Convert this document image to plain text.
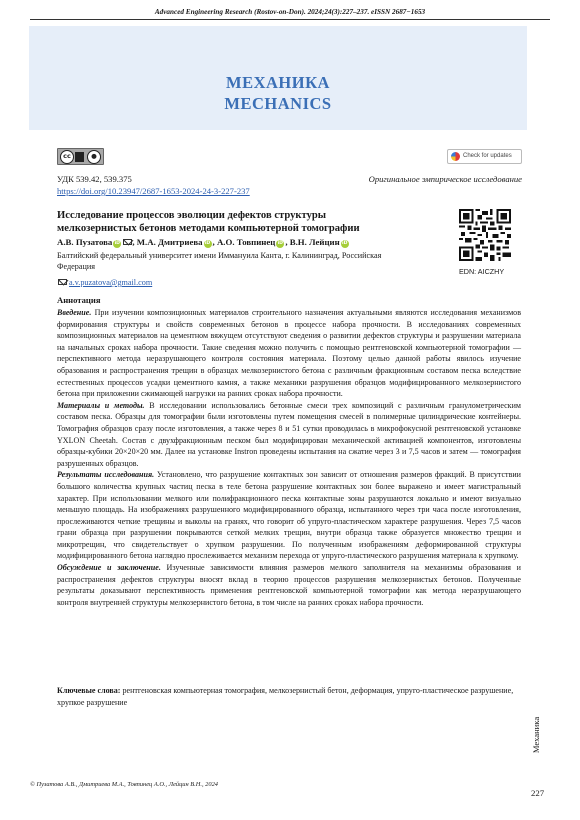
Advanced Engineering Research (Rostov-on-Don). 2024;24(3):227–237. eISSN 2687−1653
МЕХАНИКА
MECHANICS
cc	●	Check for updates
УДК 539.42, 539.375
https://doi.org/10.23947/2687-1653-2024-24-3-227-237
Оригинальное эмпирическое исследование
Исследование процессов эволюции дефектов структуры мелкозернистых бетонов методами компьютерной томографии
А.В. Пузатова iD , М.А. Дмитриева iD , А.О. Товпинец iD , В.Н. Лейцин iD
Балтийский федеральный университет имени Иммануила Канта, г. Калининград, Российская Федерация
a.v.puzatova@gmail.com
EDN: AICZHY
Аннотация

Введение. При изучении композиционных материалов строительного назначения актуальными являются исследования механизмов формирования структуры и свойств современных бетонов в процессе набора прочности. В исследованиях современных композиционных материалов на цементном вяжущем отсутствуют сведения о развитии дефектов структуры и разрушении материала на начальных сроках набора прочности. Такие сведения можно получить с помощью рентгеновской компьютерной томографии — перспективного метода неразрушающего контроля состояния материала. Поэтому целью данной работы явилось изучение образования и распространения трещин в образцах мелкозернистого бетона с различным фракционным составом песка вследствие естественных процессов усадки цементного камня, а также механики разрушения образцов модифицированного мелкозернистого бетона при приложении сжимающей нагрузки на ранних сроках набора прочности.

Материалы и методы. В исследовании использовались бетонные смеси трех композиций с различным гранулометрическим составом песка. Образцы для томографии были изготовлены путем помещения смесей в полимерные цилиндрические контейнеры. Томография образцов сразу после изготовления, а также через 8 и 51 сутки проводилась в микрофокусной рентгеновской установке YXLON Cheetah. Состав с двухфракционным песком был модифицирован механической активацией компонентов, изготовлены образцы-кубики 20×20×20 мм. Далее на установке Instron проведены испытания на сжатие через 3 и 7,5 часов и затем — томография разрушенных образцов.

Результаты исследования. Установлено, что разрушение контактных зон зависит от отношения размеров фракций. В присутствии большого количества крупных частиц песка в теле бетона разрушение контактных зон более выражено и имеет магистральный характер. При использовании мелкого или полифракционного песка контактные зоны разрушаются локально и имеют визуально меньшую площадь. На изображениях разрушенного модифицированного образца, испытанного через три часа после изготовления, прослеживаются четкие трещины и выколы на гранях, что говорит об упруго-пластическом характере разрушения. Через 7,5 часов грани образца при разрушении покрываются сеткой мелких трещин, внутри образца также образуется множество трещин и микротрещин, что свидетельствует о хрупком разрушении. По полученным изображениям деформированной структуры модифицированного бетона наглядно прослеживается механизм перехода от упруго-пластического разрушения материала к хрупкому.

Обсуждение и заключение. Изученные зависимости влияния размеров мелкого заполнителя на механизмы образования и распространения дефектов структуры вносят вклад в теорию процессов разрушения мелкозернистых бетонов. Полученные результаты доказывают перспективность применения рентгеновской компьютерной томографии как метода неразрушающего контроля внутренней структуры мелкозернистого бетона, в том числе на ранних сроках набора прочности.

Ключевые слова: рентгеновская компьютерная томография, мелкозернистый бетон, деформация, упруго-пластическое разрушение, хрупкое разрушение
Механика
© Пузатова А.В., Дмитриева М.А., Товпинец А.О., Лейцин В.Н., 2024
227
